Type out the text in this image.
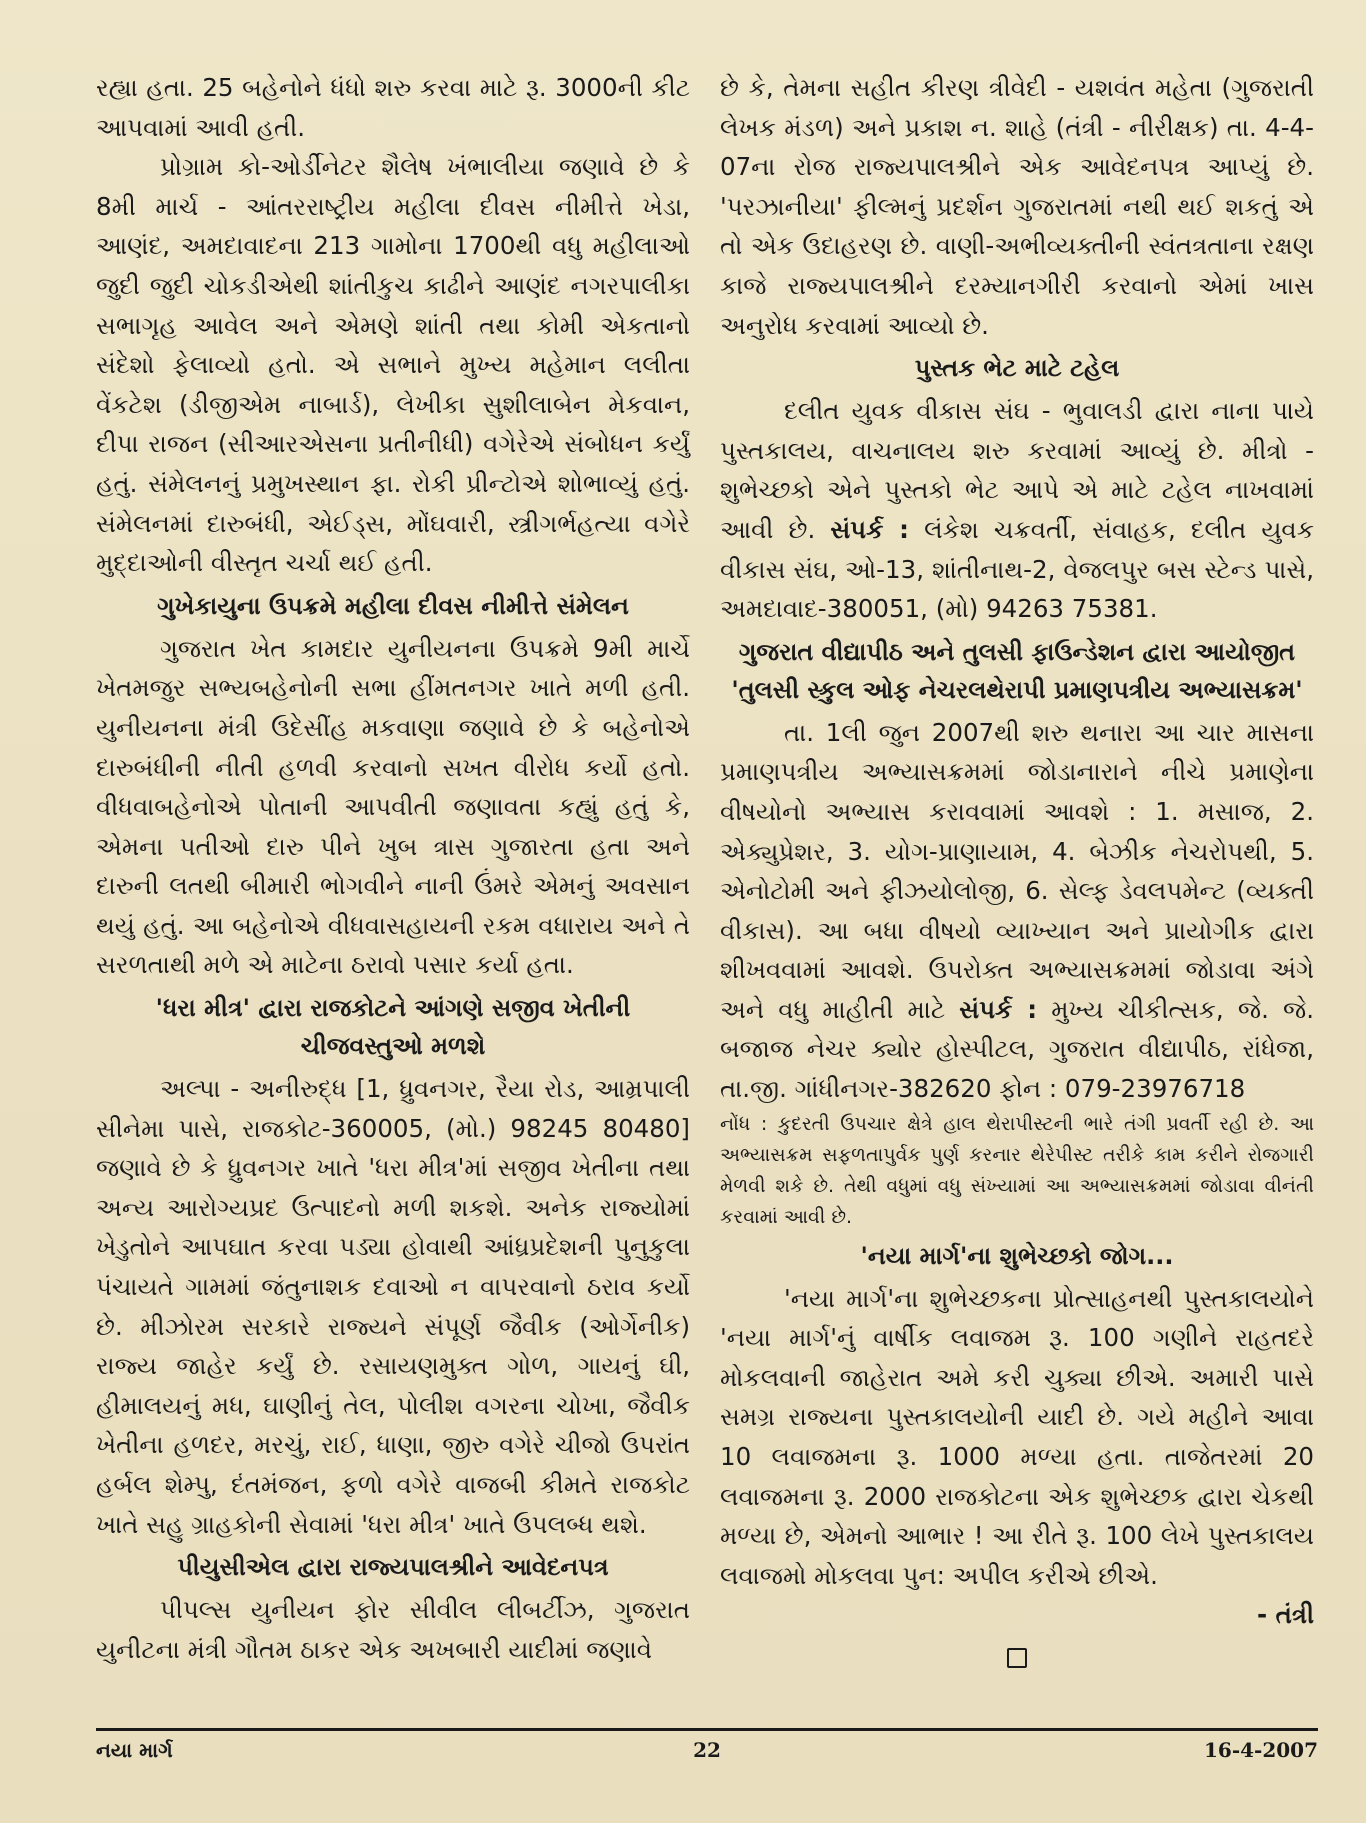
રહ્યા હતા. 25 બહેનોને ધંધો શરુ કરવા માટે રૂ. 3000ની કીટ આપવામાં આવી હતી.

પ્રોગ્રામ કો-ઓર્ડીનેટર શૈલેષ ખંભાલીયા જણાવે છે કે 8મી માર્ચ - આંતરરાષ્ટ્રીય મહીલા દીવસ નીમીત્તે ખેડા, આણંદ, અમદાવાદના 213 ગામોના 1700થી વધુ મહીલાઓ જુદી જુદી ચોકડીએથી શાંતીકુચ કાઢીને આણંદ નગરપાલીકા સભાગૃહ આવેલ અને એમણે શાંતી તથા કોમી એકતાનો સંદેશો ફેલાવ્યો હતો. એ સભાને મુખ્ય મહેમાન લલીતા વેંકટેશ (ડીજીએમ નાબાર્ડ), લેખીકા સુશીલાબેન મેકવાન, દીપા રાજન (સીઆરએસના પ્રતીનીધી) વગેરેએ સંબોધન કર્યું હતું. સંમેલનનું પ્રમુખસ્થાન ફા. રોકી પ્રીન્ટોએ શોભાવ્યું હતું. સંમેલનમાં દારુબંધી, એઈડ્સ, મોંઘવારી, સ્ત્રીગર્ભહત્યા વગેરે મુદ્દાઓની વીસ્તૃત ચર્ચા થઈ હતી.

ગુખેકાયુના ઉપક્રમે મહીલા દીવસ નીમીત્તે સંમેલન

ગુજરાત ખેત કામદાર યુનીયનના ઉપક્રમે 9મી માર્ચે ખેતમજુર સભ્યબહેનોની સભા હીંમતનગર ખાતે મળી હતી. યુનીયનના મંત્રી ઉદેસીંહ મકવાણા જણાવે છે કે બહેનોએ દારુબંધીની નીતી હળવી કરવાનો સખત વીરોધ કર્યો હતો. વીધવાબહેનોએ પોતાની આપવીતી જણાવતા કહ્યું હતું કે, એમના પતીઓ દારુ પીને ખુબ ત્રાસ ગુજારતા હતા અને દારુની લતથી બીમારી ભોગવીને નાની ઉંમરે એમનું અવસાન થયું હતું. આ બહેનોએ વીધવાસહાયની રકમ વધારાય અને તે સરળતાથી મળે એ માટેના ઠરાવો પસાર કર્યા હતા.

'ધરા મીત્ર' દ્વારા રાજકોટને આંગણે સજીવ ખેતીની ચીજવસ્તુઓ મળશે

અલ્પા - અનીરુદ્ધ [1, ધ્રુવનગર, રૈયા રોડ, આમ્રપાલી સીનેમા પાસે, રાજકોટ-360005, (મો.) 98245 80480] જણાવે છે કે ધ્રુવનગર ખાતે 'ધરા મીત્ર'માં સજીવ ખેતીના તથા અન્ય આરોગ્યપ્રદ ઉત્પાદનો મળી શકશે. અનેક રાજ્યોમાં ખેડુતોને આપઘાત કરવા પડ્યા હોવાથી આંધ્રપ્રદેશની પુનુકુલા પંચાયતે ગામમાં જંતુનાશક દવાઓ ન વાપરવાનો ઠરાવ કર્યો છે. મીઝોરમ સરકારે રાજ્યને સંપૂર્ણ જૈવીક (ઓર્ગેનીક) રાજ્ય જાહેર કર્યું છે. રસાયણમુક્ત ગોળ, ગાયનું ઘી, હીમાલયનું મધ, ઘાણીનું તેલ, પોલીશ વગરના ચોખા, જૈવીક ખેતીના હળદર, મરચું, રાઈ, ધાણા, જીરુ વગેરે ચીજો ઉપરાંત હર્બલ શેમ્પુ, દંતમંજન, ફળો વગેરે વાજબી કીમતે રાજકોટ ખાતે સહુ ગ્રાહકોની સેવામાં 'ધરા મીત્ર' ખાતે ઉપલબ્ધ થશે.

પીયુસીએલ દ્વારા રાજ્યપાલશ્રીને આવેદનપત્ર

પીપલ્સ યુનીયન ફોર સીવીલ લીબર્ટીઝ, ગુજરાત યુનીટના મંત્રી ગૌતમ ઠાકર એક અખબારી યાદીમાં જણાવે

છે કે, તેમના સહીત કીરણ ત્રીવેદી - યશવંત મહેતા (ગુજરાતી લેખક મંડળ) અને પ્રકાશ ન. શાહે (તંત્રી - નીરીક્ષક) તા. 4-4-07ના રોજ રાજ્યપાલશ્રીને એક આવેદનપત્ર આપ્યું છે. 'પરઝાનીયા' ફીલ્મનું પ્રદર્શન ગુજરાતમાં નથી થઈ શકતું એ તો એક ઉદાહરણ છે. વાણી-અભીવ્યક્તીની સ્વંતત્રતાના રક્ષણ કાજે રાજ્યપાલશ્રીને દરમ્યાનગીરી કરવાનો એમાં ખાસ અનુરોધ કરવામાં આવ્યો છે.

પુસ્તક ભેટ માટે ટહેલ

દલીત યુવક વીકાસ સંઘ - ભુવાલડી દ્વારા નાના પાયે પુસ્તકાલય, વાચનાલય શરુ કરવામાં આવ્યું છે. મીત્રો - શુભેચ્છકો એને પુસ્તકો ભેટ આપે એ માટે ટહેલ નાખવામાં આવી છે. સંપર્ક : લંકેશ ચક્રવર્તી, સંવાહક, દલીત યુવક વીકાસ સંઘ, ઓ-13, શાંતીનાથ-2, વેજલપુર બસ સ્ટેન્ડ પાસે, અમદાવાદ-380051, (મો) 94263 75381.

ગુજરાત વીદ્યાપીઠ અને તુલસી ફાઉન્ડેશન દ્વારા આયોજીત
'તુલસી સ્કુલ ઓફ નેચરલથેરાપી પ્રમાણપત્રીય અભ્યાસક્રમ'

તા. 1લી જુન 2007થી શરુ થનારા આ ચાર માસના પ્રમાણપત્રીય અભ્યાસક્રમમાં જોડાનારાને નીચે પ્રમાણેના વીષયોનો અભ્યાસ કરાવવામાં આવશે : 1. મસાજ, 2. એક્યુપ્રેશર, 3. યોગ-પ્રાણાયામ, 4. બેઝીક નેચરોપથી, 5. એનોટોમી અને ફીઝયોલોજી, 6. સેલ્ફ ડેવલપમેન્ટ (વ્યક્તી વીકાસ). આ બધા વીષયો વ્યાખ્યાન અને પ્રાયોગીક દ્વારા શીખવવામાં આવશે. ઉપરોક્ત અભ્યાસક્રમમાં જોડાવા અંગે અને વધુ માહીતી માટે સંપર્ક : મુખ્ય ચીકીત્સક, જે. જે. બજાજ નેચર ક્યોર હોસ્પીટલ, ગુજરાત વીદ્યાપીઠ, રાંધેજા, તા.જી. ગાંધીનગર-382620 ફોન : 079-23976718

નોંધ : કુદરતી ઉપચાર ક્ષેત્રે હાલ થેરાપીસ્ટની ભારે તંગી પ્રવર્તી રહી છે. આ અભ્યાસક્રમ સફળતાપુર્વક પુર્ણ કરનાર થેરેપીસ્ટ તરીકે કામ કરીને રોજગારી મેળવી શકે છે. તેથી વધુમાં વધુ સંખ્યામાં આ અભ્યાસક્રમમાં જોડાવા વીનંતી કરવામાં આવી છે.

'નયા માર્ગ'ના શુભેચ્છકો જોગ...

'નયા માર્ગ'ના શુભેચ્છકના પ્રોત્સાહનથી પુસ્તકાલયોને 'નયા માર્ગ'નું વાર્ષીક લવાજમ રૂ. 100 ગણીને રાહતદરે મોકલવાની જાહેરાત અમે કરી ચુક્યા છીએ. અમારી પાસે સમગ્ર રાજ્યના પુસ્તકાલયોની યાદી છે. ગયે મહીને આવા 10 લવાજમના રૂ. 1000 મળ્યા હતા. તાજેતરમાં 20 લવાજમના રૂ. 2000 રાજકોટના એક શુભેચ્છક દ્વારા ચેકથી મળ્યા છે, એમનો આભાર ! આ રીતે રૂ. 100 લેખે પુસ્તકાલય લવાજમો મોકલવા પુન: અપીલ કરીએ છીએ.

- તંત્રી

નયા માર્ગ	22	16-4-2007
